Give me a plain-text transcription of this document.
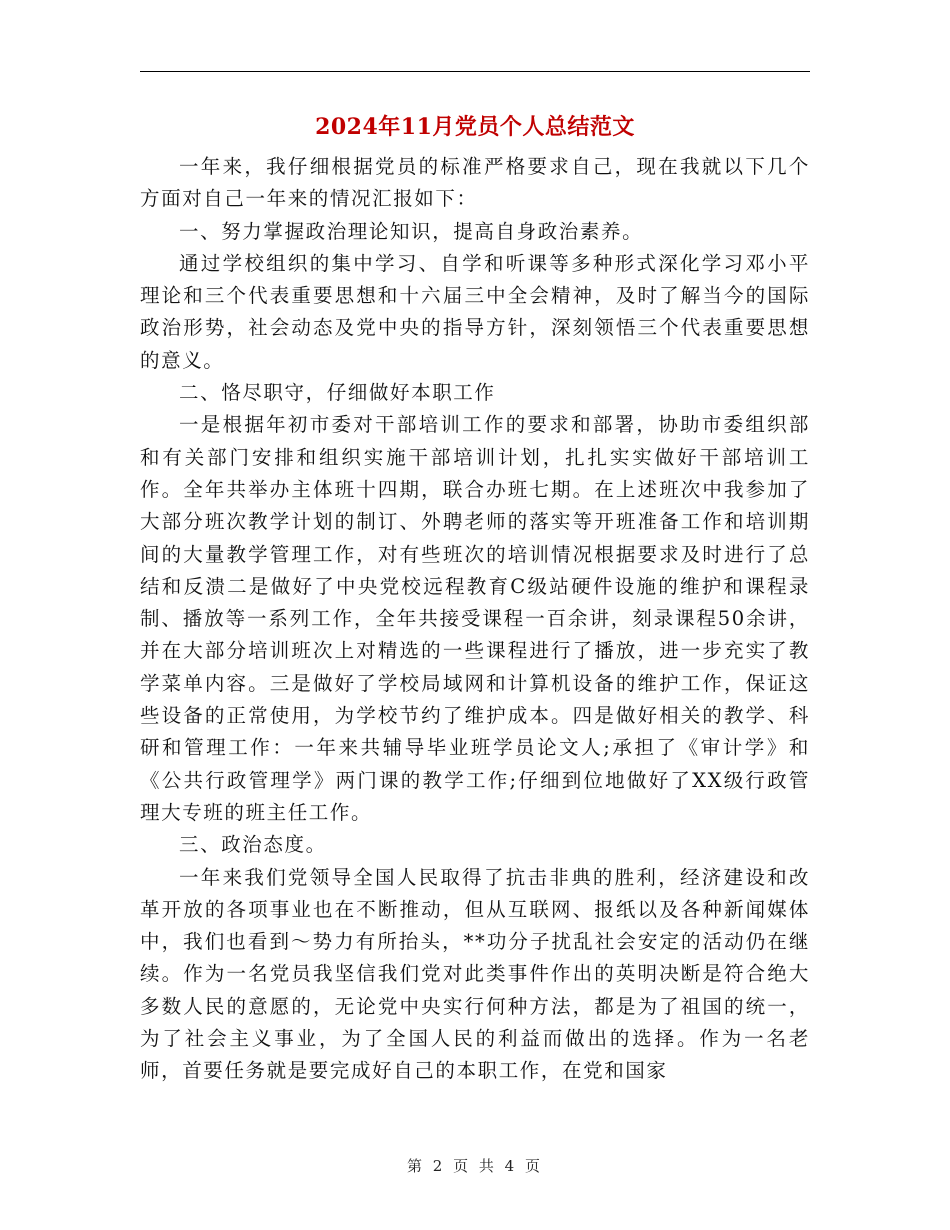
2024年11月党员个人总结范文

一年来，我仔细根据党员的标准严格要求自己，现在我就以下几个方面对自己一年来的情况汇报如下：

一、努力掌握政治理论知识，提高自身政治素养。

通过学校组织的集中学习、自学和听课等多种形式深化学习邓小平理论和三个代表重要思想和十六届三中全会精神，及时了解当今的国际政治形势，社会动态及党中央的指导方针，深刻领悟三个代表重要思想的意义。

二、恪尽职守，仔细做好本职工作

一是根据年初市委对干部培训工作的要求和部署，协助市委组织部和有关部门安排和组织实施干部培训计划，扎扎实实做好干部培训工作。全年共举办主体班十四期，联合办班七期。在上述班次中我参加了大部分班次教学计划的制订、外聘老师的落实等开班准备工作和培训期间的大量教学管理工作，对有些班次的培训情况根据要求及时进行了总结和反溃二是做好了中央党校远程教育C级站硬件设施的维护和课程录制、播放等一系列工作，全年共接受课程一百余讲，刻录课程50余讲，并在大部分培训班次上对精选的一些课程进行了播放，进一步充实了教学菜单内容。三是做好了学校局域网和计算机设备的维护工作，保证这些设备的正常使用，为学校节约了维护成本。四是做好相关的教学、科研和管理工作：一年来共辅导毕业班学员论文人;承担了《审计学》和《公共行政管理学》两门课的教学工作;仔细到位地做好了XX级行政管理大专班的班主任工作。

三、政治态度。

一年来我们党领导全国人民取得了抗击非典的胜利，经济建设和改革开放的各项事业也在不断推动，但从互联网、报纸以及各种新闻媒体中，我们也看到～势力有所抬头，**功分子扰乱社会安定的活动仍在继续。作为一名党员我坚信我们党对此类事件作出的英明决断是符合绝大多数人民的意愿的，无论党中央实行何种方法，都是为了祖国的统一，为了社会主义事业，为了全国人民的利益而做出的选择。作为一名老师，首要任务就是要完成好自己的本职工作，在党和国家

第 2 页 共 4 页
